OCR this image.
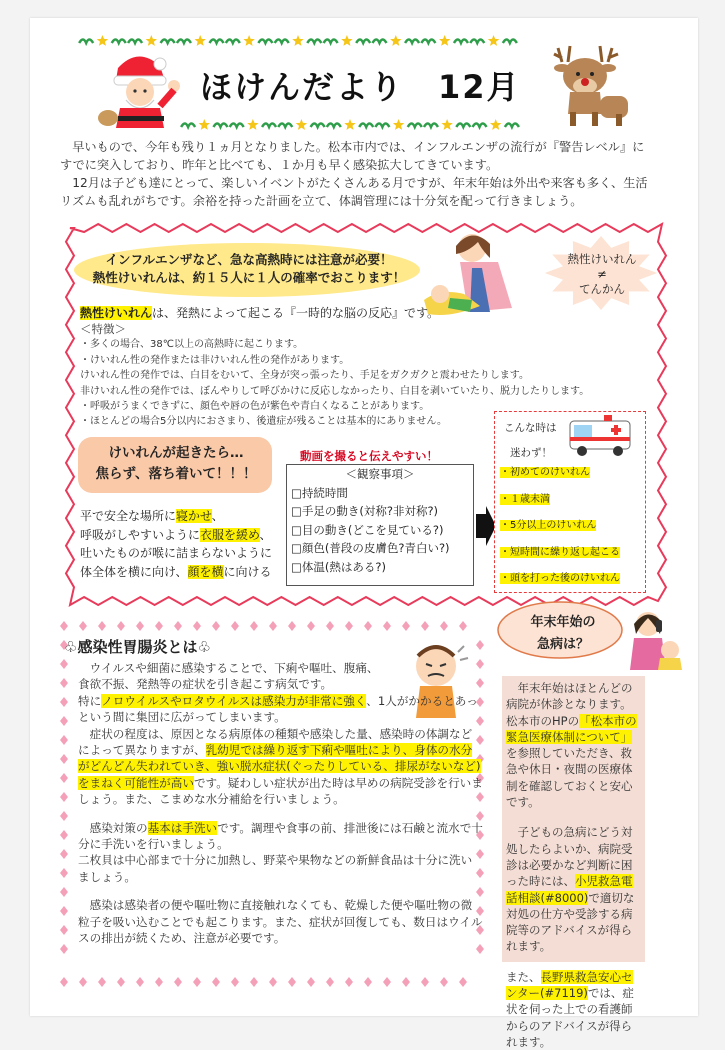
ほけんだより　12月

早いもので、今年も残り１ヵ月となりました。松本市内では、インフルエンザの流行が『警告レベル』にすでに突入しており、昨年と比べても、１か月も早く感染拡大してきています。

12月は子ども達にとって、楽しいイベントがたくさんある月ですが、年末年始は外出や来客も多く、生活リズムも乱れがちです。余裕を持った計画を立て、体調管理には十分気を配って行きましょう。

インフルエンザなど、急な高熱時には注意が必要！
熱性けいれんは、約１５人に１人の確率でおこります！
熱性けいれん
≠
てんかん
熱性けいれんは、発熱によって起こる『一時的な脳の反応』です。
＜特徴＞
・多くの場合、38℃以上の高熱時に起こります。
・けいれん性の発作または非けいれん性の発作があります。
けいれん性の発作では、白目をむいて、全身が突っ張ったり、手足をガクガクと震わせたりします。
非けいれん性の発作では、ぼんやりして呼びかけに反応しなかったり、白目を剥いていたり、脱力したりします。
・呼吸がうまくできずに、顔色や唇の色が紫色や青白くなることがあります。
・ほとんどの場合5分以内におさまり、後遺症が残ることは基本的にありません。
けいれんが起きたら…
焦らず、落ち着いて！！！
動画を撮ると伝えやすい！
＜観察事項＞
□持続時間
□手足の動き(対称?非対称?)
□目の動き(どこを見ている?)
□顔色(普段の皮膚色?青白い?)
□体温(熱はある?)
平で安全な場所に寝かせ、
呼吸がしやすいように衣服を緩め、
吐いたものが喉に詰まらないように
体全体を横に向け、顔を横に向ける
こんな時は
迷わず！
・初めてのけいれん
・１歳未満
・5分以上のけいれん
・短時間に繰り返し起こる
・頭を打った後のけいれん
♧感染性胃腸炎とは♧

　ウイルスや細菌に感染することで、下痢や嘔吐、腹痛、
食欲不振、発熱等の症状を引き起こす病気です。

特にノロウイルスやロタウイルスは感染力が非常に強く、1人がかかるとあっという間に集団に広がってしまいます。

　症状の程度は、原因となる病原体の種類や感染した量、感染時の体調などによって異なりますが、乳幼児では繰り返す下痢や嘔吐により、身体の水分がどんどん失われていき、強い脱水症状(ぐったりしている、排尿がないなど)をまねく可能性が高いです。疑わしい症状が出た時は早めの病院受診を行いましょう。また、こまめな水分補給を行いましょう。

　感染対策の基本は手洗いです。調理や食事の前、排泄後には石鹸と流水で十分に手洗いを行いましょう。

二枚貝は中心部まで十分に加熱し、野菜や果物などの新鮮食品は十分に洗いましょう。

　感染は感染者の便や嘔吐物に直接触れなくても、乾燥した便や嘔吐物の微粒子を吸い込むことでも起こります。また、症状が回復しても、数日はウイルスの排出が続くため、注意が必要です。

年末年始の
急病は？

　年末年始はほとんどの病院が休診となります。松本市のHPの「松本市の緊急医療体制について」を参照していただき、救急や休日・夜間の医療体制を確認しておくと安心です。

　子どもの急病にどう対処したらよいか、病院受診は必要かなど判断に困った時には、小児救急電話相談(#8000)で適切な対処の仕方や受診する病院等のアドバイスが得られます。

また、長野県救急安心センター(#7119)では、症状を伺った上での看護師からのアドバイスが得られます。
